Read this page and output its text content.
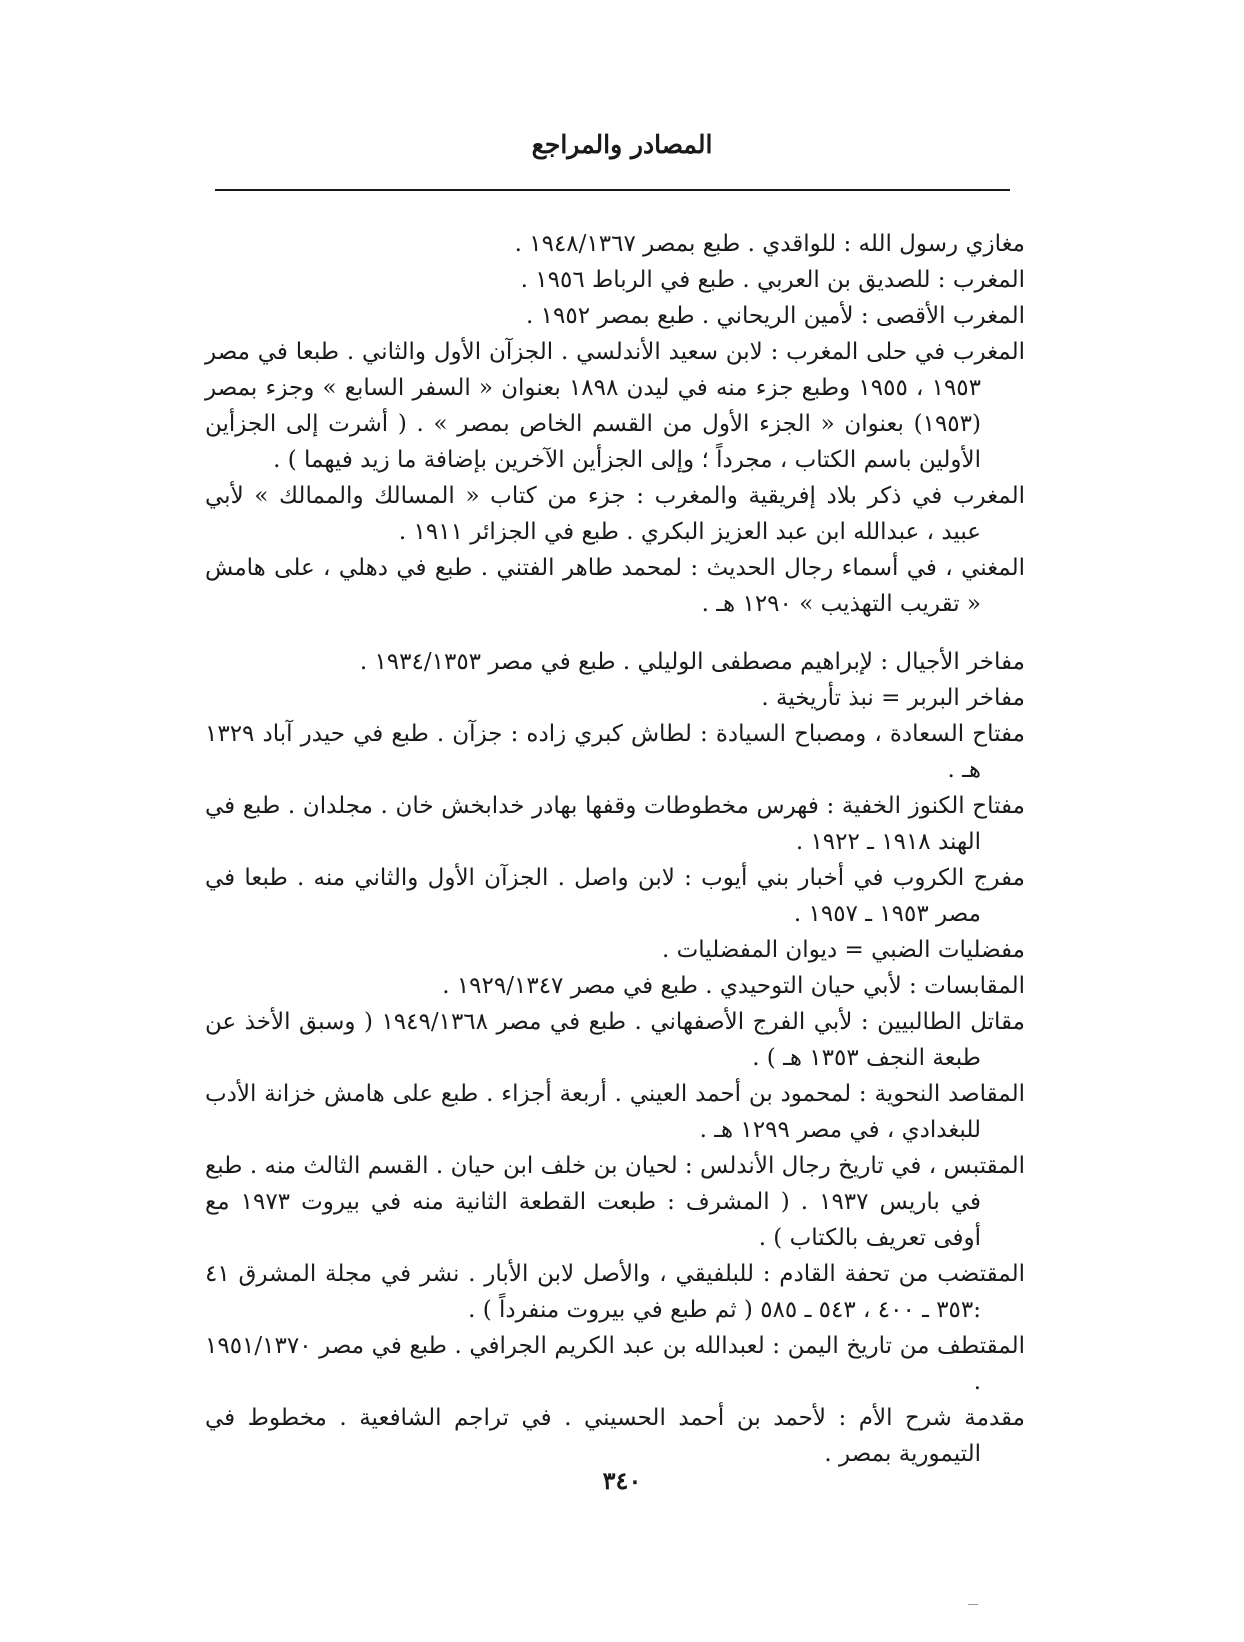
المصادر والمراجع

مغازي رسول الله : للواقدي . طبع بمصر ١٩٤٨/١٣٦٧ .

المغرب : للصديق بن العربي . طبع في الرباط ١٩٥٦ .

المغرب الأقصى : لأمين الريحاني . طبع بمصر ١٩٥٢ .

المغرب في حلى المغرب : لابن سعيد الأندلسي . الجزآن الأول والثاني . طبعا في مصر ١٩٥٣ ، ١٩٥٥ وطبع جزء منه في ليدن ١٨٩٨ بعنوان « السفر السابع » وجزء بمصر (١٩٥٣) بعنوان « الجزء الأول من القسم الخاص بمصر » . ( أشرت إلى الجزأين الأولين باسم الكتاب ، مجرداً ؛ وإلى الجزأين الآخرين بإضافة ما زيد فيهما ) .

المغرب في ذكر بلاد إفريقية والمغرب : جزء من كتاب « المسالك والممالك » لأبي عبيد ، عبدالله ابن عبد العزيز البكري . طبع في الجزائر ١٩١١ .

المغني ، في أسماء رجال الحديث : لمحمد طاهر الفتني . طبع في دهلي ، على هامش « تقريب التهذيب » ١٢٩٠ هـ .

مفاخر الأجيال : لإبراهيم مصطفى الوليلي . طبع في مصر ١٩٣٤/١٣٥٣ .

مفاخر البربر = نبذ تأريخية .

مفتاح السعادة ، ومصباح السيادة : لطاش كبري زاده : جزآن . طبع في حيدر آباد ١٣٢٩ هـ .

مفتاح الكنوز الخفية : فهرس مخطوطات وقفها بهادر خدابخش خان . مجلدان . طبع في الهند ١٩١٨ ـ ١٩٢٢ .

مفرج الكروب في أخبار بني أيوب : لابن واصل . الجزآن الأول والثاني منه . طبعا في مصر ١٩٥٣ ـ ١٩٥٧ .

مفضليات الضبي = ديوان المفضليات .

المقابسات : لأبي حيان التوحيدي . طبع في مصر ١٩٢٩/١٣٤٧ .

مقاتل الطالبيين : لأبي الفرج الأصفهاني . طبع في مصر ١٩٤٩/١٣٦٨ ( وسبق الأخذ عن طبعة النجف ١٣٥٣ هـ ) .

المقاصد النحوية : لمحمود بن أحمد العيني . أربعة أجزاء . طبع على هامش خزانة الأدب للبغدادي ، في مصر ١٢٩٩ هـ .

المقتبس ، في تاريخ رجال الأندلس : لحيان بن خلف ابن حيان . القسم الثالث منه . طبع في باريس ١٩٣٧ . ( المشرف : طبعت القطعة الثانية منه في بيروت ١٩٧٣ مع أوفى تعريف بالكتاب ) .

المقتضب من تحفة القادم : للبلفيقي ، والأصل لابن الأبار . نشر في مجلة المشرق ٤١ :٣٥٣ ـ ٤٠٠ ، ٥٤٣ ـ ٥٨٥ ( ثم طبع في بيروت منفرداً ) .

المقتطف من تاريخ اليمن : لعبدالله بن عبد الكريم الجرافي . طبع في مصر ١٩٥١/١٣٧٠ .

مقدمة شرح الأم : لأحمد بن أحمد الحسيني . في تراجم الشافعية . مخطوط في التيمورية بمصر .

٣٤٠
